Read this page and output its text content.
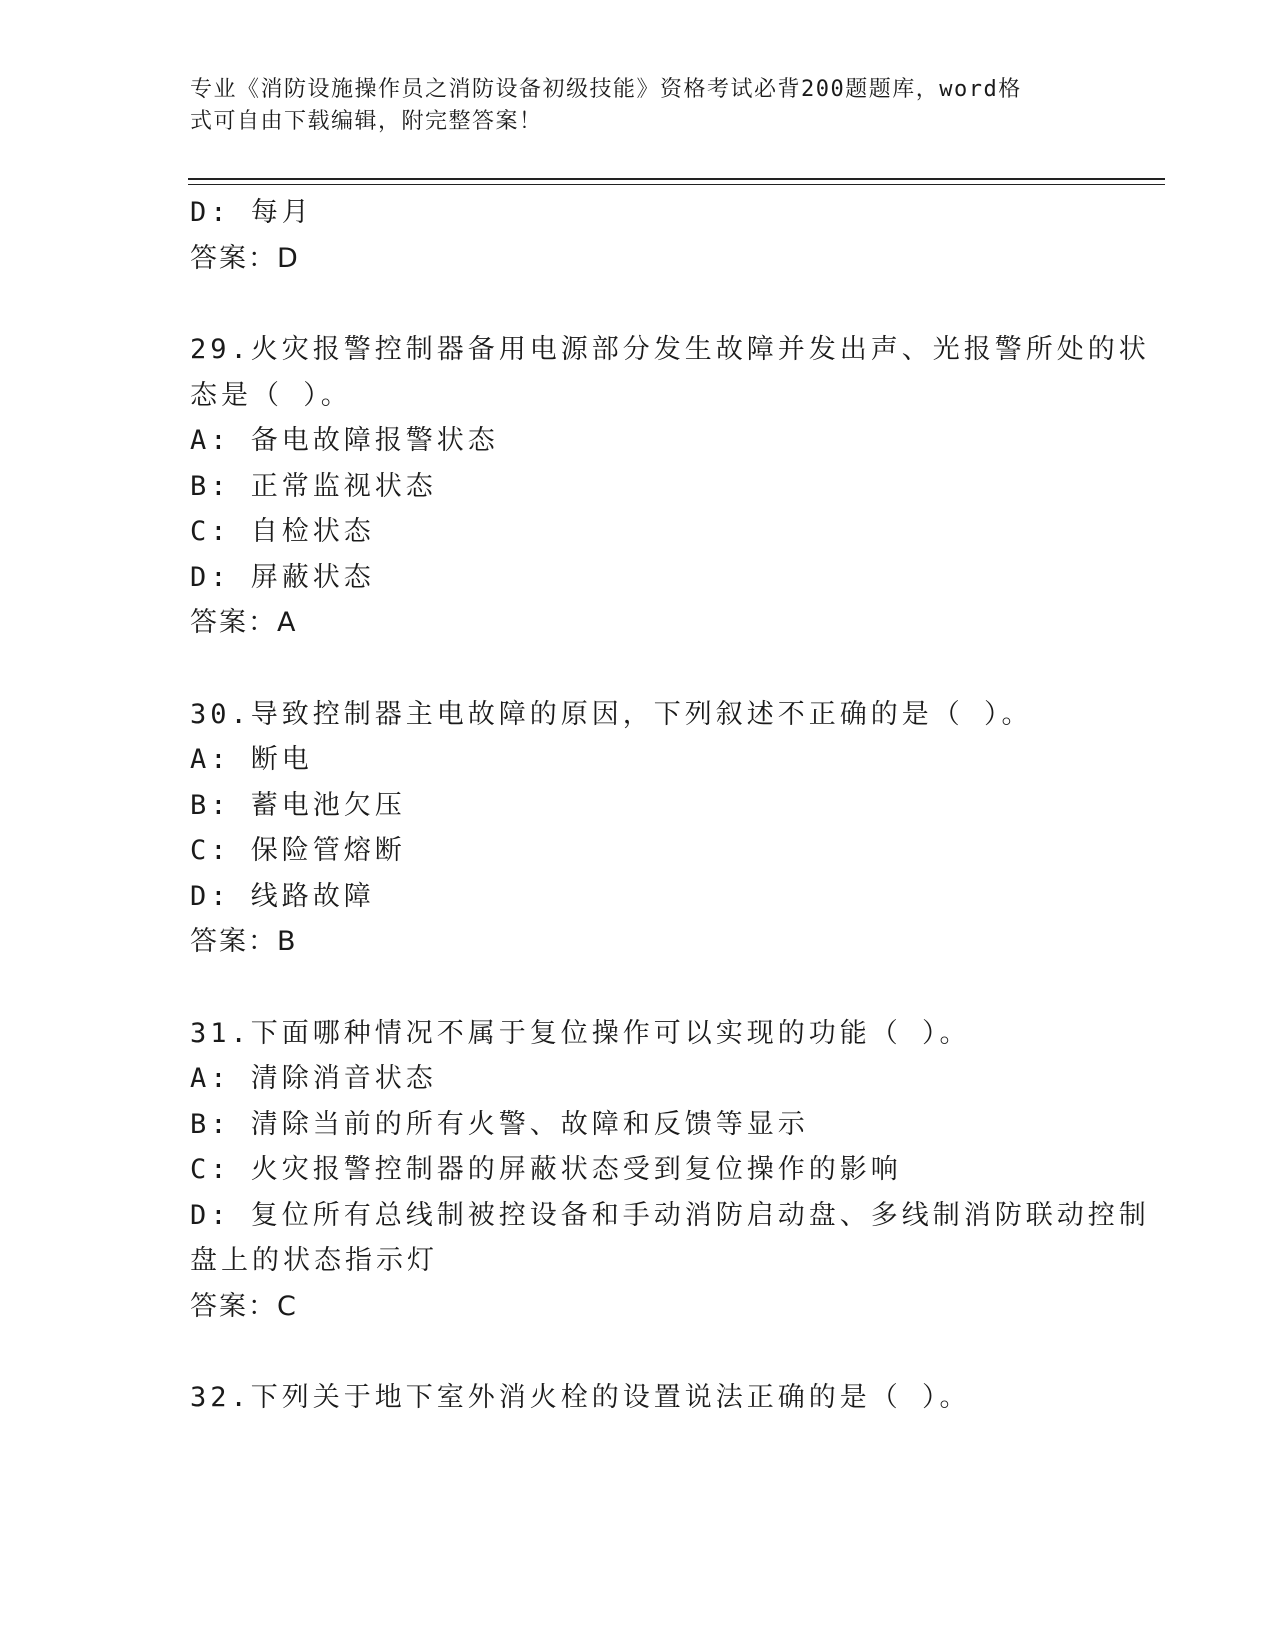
专业《消防设施操作员之消防设备初级技能》资格考试必背200题题库，word格
式可自由下载编辑，附完整答案！
D: 每月
答案：D
29.火灾报警控制器备用电源部分发生故障并发出声、光报警所处的状
态是（ ）。
A: 备电故障报警状态
B: 正常监视状态
C: 自检状态
D: 屏蔽状态
答案：A
30.导致控制器主电故障的原因，下列叙述不正确的是（ ）。
A: 断电
B: 蓄电池欠压
C: 保险管熔断
D: 线路故障
答案：B
31.下面哪种情况不属于复位操作可以实现的功能（ ）。
A: 清除消音状态
B: 清除当前的所有火警、故障和反馈等显示
C: 火灾报警控制器的屏蔽状态受到复位操作的影响
D: 复位所有总线制被控设备和手动消防启动盘、多线制消防联动控制
盘上的状态指示灯
答案：C
32.下列关于地下室外消火栓的设置说法正确的是（ ）。
